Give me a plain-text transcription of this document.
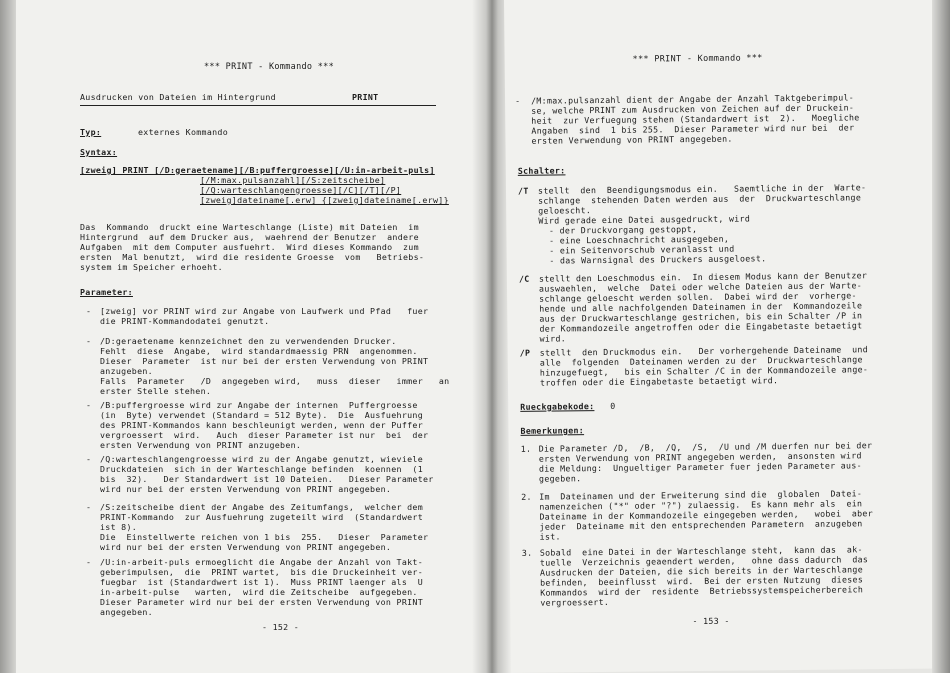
*** PRINT - Kommando ***
Ausdrucken von Dateien im Hintergrund	PRINT
Typ:	externes Kommando
Syntax:
[zweig] PRINT [/D:geraetename][/B:puffergroesse][/U:in-arbeit-puls]
[/M:max.pulsanzahl][/S:zeitscheibe]
[/Q:warteschlangengroesse][/C][/T][/P]
[zweig]dateiname[.erw] {[zweig]dateiname[.erw]}
Das  Kommando  druckt eine Warteschlange (Liste) mit Dateien  im
Hintergrund  auf dem Drucker aus,  waehrend der Benutzer  andere
Aufgaben  mit dem Computer ausfuehrt.  Wird dieses Kommando  zum
ersten  Mal benutzt,  wird die residente Groesse  vom   Betriebs-
system im Speicher erhoeht.
Parameter:
- [zweig] vor PRINT wird zur Angabe von Laufwerk und Pfad   fuer
die PRINT-Kommandodatei genutzt.
- /D:geraetename kennzeichnet den zu verwendenden Drucker.
Fehlt  diese  Angabe,  wird standardmaessig PRN  angenommen.
Dieser  Parameter  ist nur bei der ersten Verwendung von PRINT
anzugeben.
Falls  Parameter   /D  angegeben wird,   muss  dieser   immer   an
erster Stelle stehen.
- /B:puffergroesse wird zur Angabe der internen  Puffergroesse
(in  Byte) verwendet (Standard = 512 Byte).  Die  Ausfuehrung
des PRINT-Kommandos kann beschleunigt werden, wenn der Puffer
vergroessert  wird.   Auch  dieser Parameter ist nur  bei  der
ersten Verwendung von PRINT anzugeben.
- /Q:warteschlangengroesse wird zu der Angabe genutzt, wieviele
Druckdateien  sich in der Warteschlange befinden  koennen  (1
bis  32).   Der Standardwert ist 10 Dateien.   Dieser Parameter
wird nur bei der ersten Verwendung von PRINT angegeben.
- /S:zeitscheibe dient der Angabe des Zeitumfangs,  welcher dem
PRINT-Kommando  zur Ausfuehrung zugeteilt wird  (Standardwert
ist 8).
Die  Einstellwerte reichen von 1 bis  255.   Dieser  Parameter
wird nur bei der ersten Verwendung von PRINT angegeben.
- /U:in-arbeit-puls ermoeglicht die Angabe der Anzahl von Takt-
geberimpulsen,  die  PRINT wartet,  bis die Druckeinheit ver-
fuegbar  ist (Standardwert ist 1).  Muss PRINT laenger als  U
in-arbeit-pulse   warten,  wird die Zeitscheibe  aufgegeben.
Dieser Parameter wird nur bei der ersten Verwendung von PRINT
angegeben.
- 152 -
*** PRINT - Kommando ***
- /M:max.pulsanzahl dient der Angabe der Anzahl Taktgeberimpul-
se, welche PRINT zum Ausdrucken von Zeichen auf der Druckein-
heit  zur Verfuegung stehen (Standardwert ist  2).   Moegliche
Angaben  sind  1 bis 255.  Dieser Parameter wird nur bei  der
ersten Verwendung von PRINT angegeben.
Schalter:
/T stellt  den  Beendigungsmodus ein.   Saemtliche in der  Warte-
schlange  stehenden Daten werden aus  der  Druckwarteschlange
geloescht.
Wird gerade eine Datei ausgedruckt, wird
- der Druckvorgang gestoppt,
- eine Loeschnachricht ausgegeben,
- ein Seitenvorschub veranlasst und
- das Warnsignal des Druckers ausgeloest.
/C stellt den Loeschmodus ein.  In diesem Modus kann der Benutzer
auswaehlen,  welche  Datei oder welche Dateien aus der Warte-
schlange geloescht werden sollen.  Dabei wird der  vorherge-
hende und alle nachfolgenden Dateinamen in der  Kommandozeile
aus der Druckwarteschlange gestrichen, bis ein Schalter /P in
der Kommandozeile angetroffen oder die Eingabetaste betaetigt
wird.
/P stellt  den Druckmodus ein.   Der vorhergehende Dateiname  und
alle  folgenden  Dateinamen werden zu der  Druckwarteschlange
hinzugefuegt,   bis ein Schalter /C in der Kommandozeile ange-
troffen oder die Eingabetaste betaetigt wird.
Rueckgabekode: 0
Bemerkungen:
1. Die Parameter /D,  /B,  /Q,  /S,  /U und /M duerfen nur bei der
ersten Verwendung von PRINT angegeben werden,  ansonsten wird
die Meldung:  Ungueltiger Parameter fuer jeden Parameter aus-
gegeben.
2. Im  Dateinamen und der Erweiterung sind die  globalen  Datei-
namenzeichen ("*" oder "?") zulaessig.  Es kann mehr als  ein
Dateiname in der Kommandozeile eingegeben werden,   wobei  aber
jeder  Dateiname mit den entsprechenden Parametern  anzugeben
ist.
3. Sobald  eine Datei in der Warteschlange steht,  kann das  ak-
tuelle  Verzeichnis geaendert werden,   ohne dass dadurch  das
Ausdrucken der Dateien, die sich bereits in der Warteschlange
befinden,  beeinflusst  wird.  Bei der ersten Nutzung  dieses
Kommandos  wird der  residente  Betriebssystemspeicherbereich
vergroessert.
- 153 -
